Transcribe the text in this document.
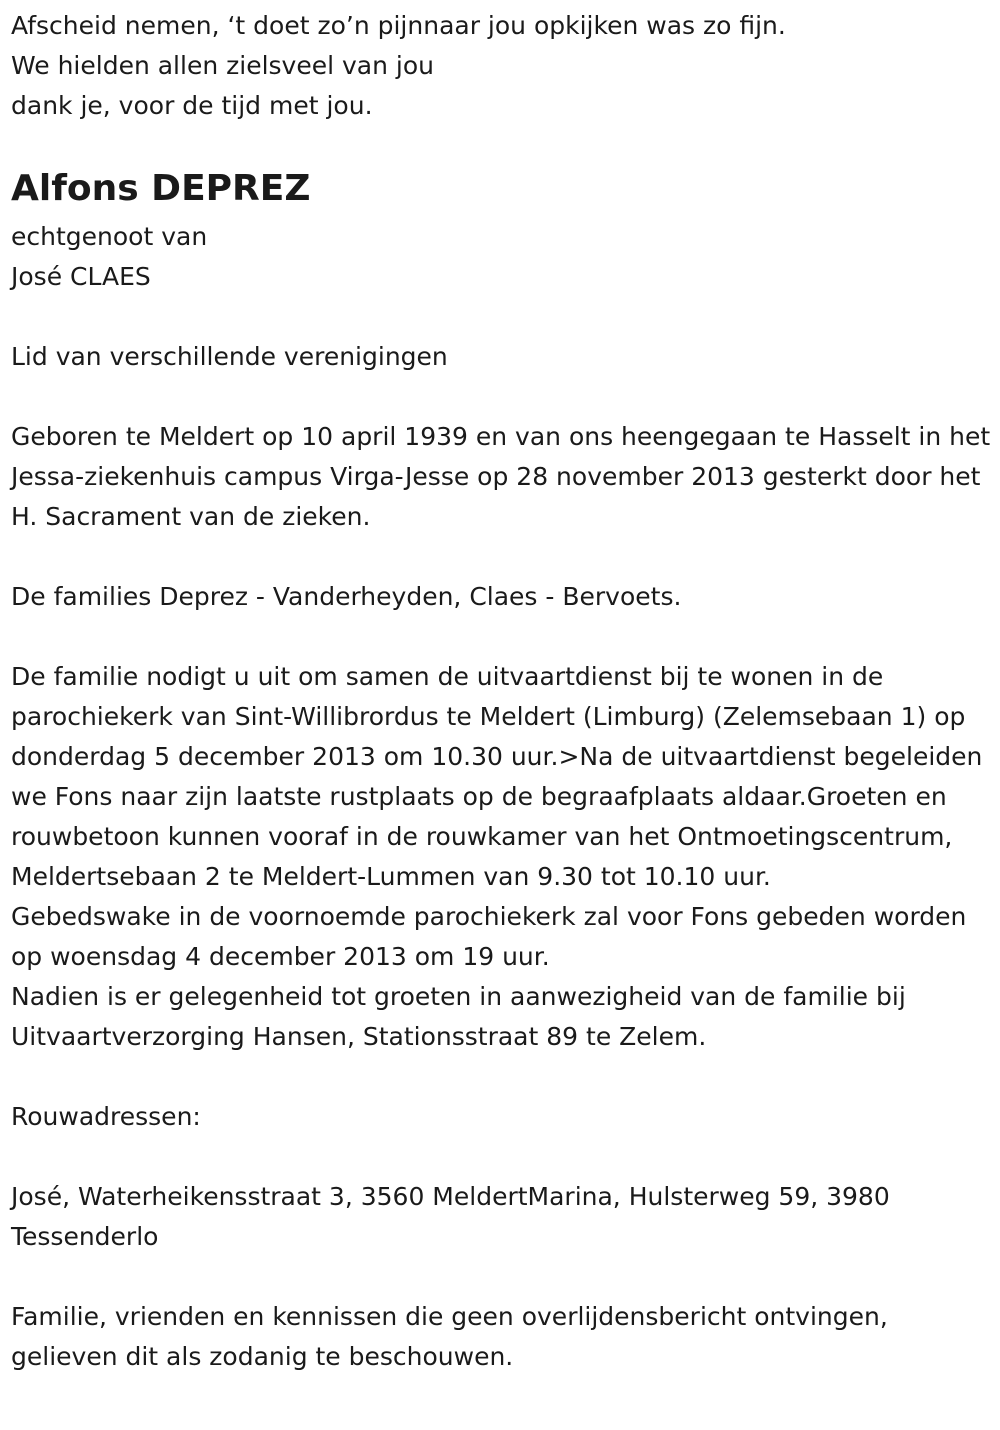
Afscheid nemen, ‘t doet zo’n pijnnaar jou opkijken was zo fijn.
We hielden allen zielsveel van jou
dank je, voor de tijd met jou.
Alfons DEPREZ
echtgenoot van
José CLAES
Lid van verschillende verenigingen
Geboren te Meldert op 10 april 1939 en van ons heengegaan te Hasselt in het Jessa-ziekenhuis campus Virga-Jesse op 28 november 2013 gesterkt door het H. Sacrament van de zieken.
De families Deprez - Vanderheyden, Claes - Bervoets.
De familie nodigt u uit om samen de uitvaartdienst bij te wonen in de parochiekerk van Sint-Willibrordus te Meldert (Limburg) (Zelemsebaan 1) op donderdag 5 december 2013 om 10.30 uur.>Na de uitvaartdienst begeleiden we Fons naar zijn laatste rustplaats op de begraafplaats aldaar.Groeten en rouwbetoon kunnen vooraf in de rouwkamer van het Ontmoetingscentrum, Meldertsebaan 2 te Meldert-Lummen van 9.30 tot 10.10 uur.
Gebedswake in de voornoemde parochiekerk zal voor Fons gebeden worden op woensdag 4 december 2013 om 19 uur.
Nadien is er gelegenheid tot groeten in aanwezigheid van de familie bij Uitvaartverzorging Hansen, Stationsstraat 89 te Zelem.
Rouwadressen:
José, Waterheikensstraat 3, 3560 MeldertMarina, Hulsterweg 59, 3980 Tessenderlo
Familie, vrienden en kennissen die geen overlijdensbericht ontvingen, gelieven dit als zodanig te beschouwen.
